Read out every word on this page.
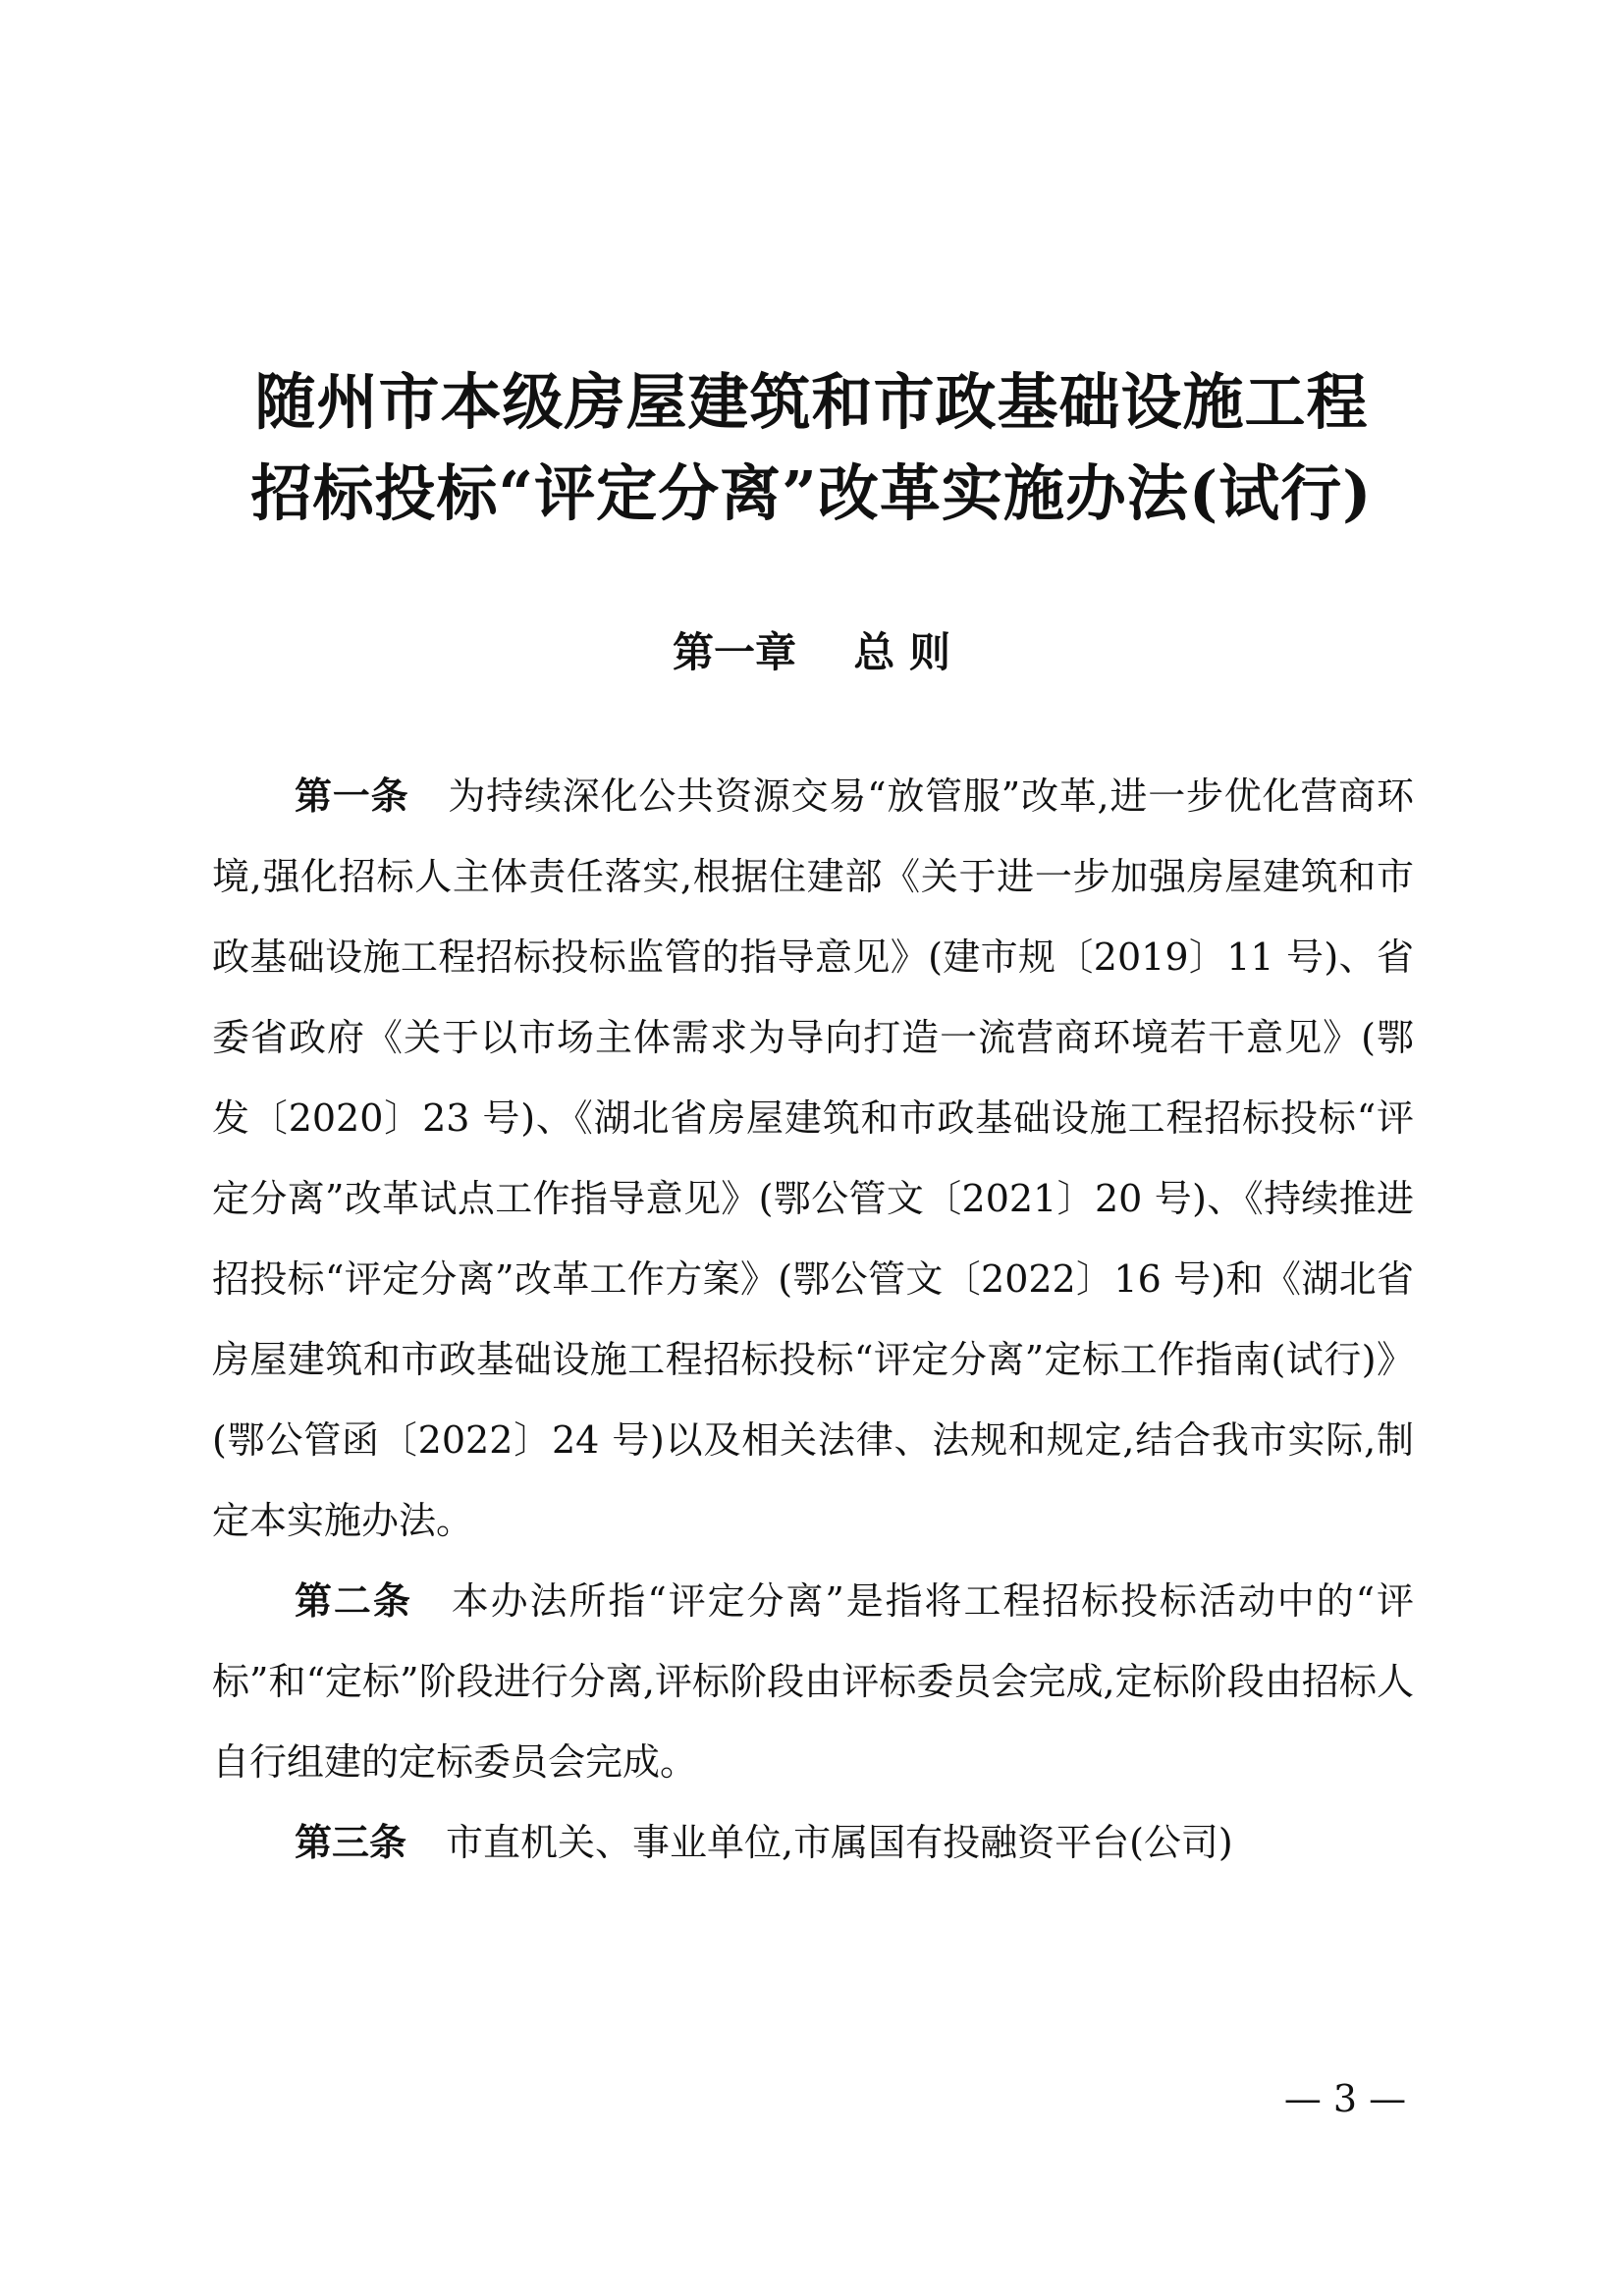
随州市本级房屋建筑和市政基础设施工程
招标投标“评定分离”改革实施办法(试行)
第一章    总 则

第一条 为持续深化公共资源交易“放管服”改革,进一步优化营商环境,强化招标人主体责任落实,根据住建部《关于进一步加强房屋建筑和市政基础设施工程招标投标监管的指导意见》(建市规〔2019〕11 号)、省委省政府《关于以市场主体需求为导向打造一流营商环境若干意见》(鄂发〔2020〕23 号)、《湖北省房屋建筑和市政基础设施工程招标投标“评定分离”改革试点工作指导意见》(鄂公管文〔2021〕20 号)、《持续推进招投标“评定分离”改革工作方案》(鄂公管文〔2022〕16 号)和《湖北省房屋建筑和市政基础设施工程招标投标“评定分离”定标工作指南(试行)》(鄂公管函〔2022〕24 号)以及相关法律、法规和规定,结合我市实际,制定本实施办法。

第二条 本办法所指“评定分离”是指将工程招标投标活动中的“评标”和“定标”阶段进行分离,评标阶段由评标委员会完成,定标阶段由招标人自行组建的定标委员会完成。

第三条 市直机关、事业单位,市属国有投融资平台(公司)

— 3 —
